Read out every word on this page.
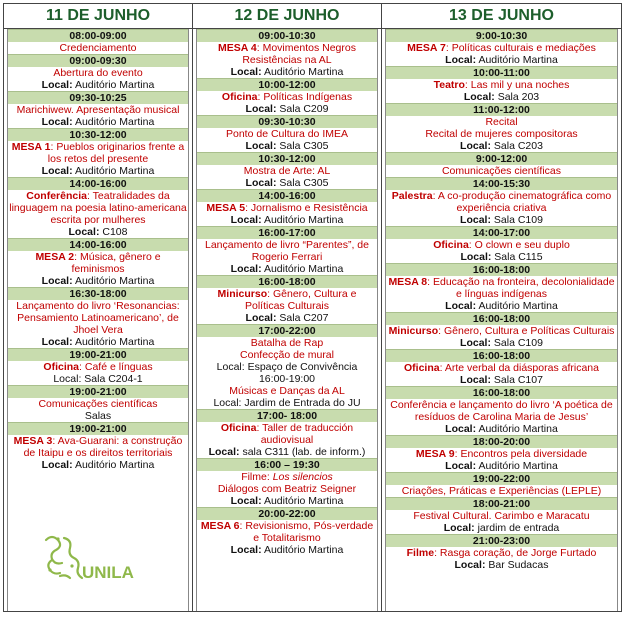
11 DE JUNHO
08:00-09:00
Credenciamento
09:00-09:30
Abertura do evento
Local: Auditório Martina
09:30-10:25
Marichiwew. Apresentação musical
Local: Auditório Martina
10:30-12:00
MESA 1: Pueblos originarios frente a los retos del presente
Local: Auditório Martina
14:00-16:00
Conferência: Teatralidades da linguagem na poesia latino-americana escrita por mulheres
Local: C108
14:00-16:00
MESA 2: Música, gênero e feminismos
Local: Auditório Martina
16:30-18:00
Lançamento do livro ‘Resonancias: Pensamiento Latinoamericano’, de Jhoel Vera
Local: Auditório Martina
19:00-21:00
Oficina: Café e línguas
Local: Sala C204-1
19:00-21:00
Comunicações científicas
Salas
19:00-21:00
MESA 3: Ava-Guarani: a construção de Itaipu e os direitos territoriais
Local: Auditório Martina
12 DE JUNHO
09:00-10:30
MESA 4: Movimentos Negros Resistências na AL
Local: Auditório Martina
10:00-12:00
Oficina: Políticas Indígenas
Local: Sala C209
09:30-10:30
Ponto de Cultura do IMEA
Local: Sala C305
10:30-12:00
Mostra de Arte: AL
Local: Sala C305
14:00-16:00
MESA 5: Jornalismo e Resistência
Local: Auditório Martina
16:00-17:00
Lançamento de livro “Parentes”, de Rogerio Ferrari
Local: Auditório Martina
16:00-18:00
Minicurso: Gênero, Cultura e Políticas Culturais
Local: Sala C207
17:00-22:00
Batalha de Rap
Confecção de mural
Local: Espaço de Convivência
16:00-19:00
Músicas e Danças da AL
Local: Jardim de Entrada do JU
17:00- 18:00
Oficina: Taller de traducción audiovisual
Local: sala C311 (lab. de inform.)
16:00 – 19:30
Filme: Los silencios
Diálogos com Beatriz Seigner
Local: Auditório Martina
20:00-22:00
MESA 6: Revisionismo, Pós-verdade e Totalitarismo
Local: Auditório Martina
13 DE JUNHO
9:00-10:30
MESA 7: Políticas culturais e mediações
Local: Auditório Martina
10:00-11:00
Teatro: Las mil y una noches
Local: Sala 203
11:00-12:00
Recital
Recital de mujeres compositoras
Local: Sala C203
9:00-12:00
Comunicações científicas
14:00-15:30
Palestra: A co-produção cinematográfica como experiência criativa
Local: Sala C109
14:00-17:00
Oficina: O clown e seu duplo
Local: Sala C115
16:00-18:00
MESA 8: Educação na fronteira, decolonialidade e línguas indígenas
Local: Auditório Martina
16:00-18:00
Minicurso: Gênero, Cultura e Políticas Culturais
Local: Sala C109
16:00-18:00
Oficina: Arte verbal da diásporas africana
Local: Sala C107
16:00-18:00
Conferência e lançamento do livro ‘A poética de resíduos de Carolina Maria de Jesus’
Local: Auditório Martina
18:00-20:00
MESA 9: Encontros pela diversidade
Local: Auditório Martina
19:00-22:00
Criações, Práticas e Experiências (LEPLE)
18:00-21:00
Festival Cultural. Carimbo e Maracatu
Local: jardim de entrada
21:00-23:00
Filme: Rasga coração, de Jorge Furtado
Local: Bar Sudacas
UNILA
